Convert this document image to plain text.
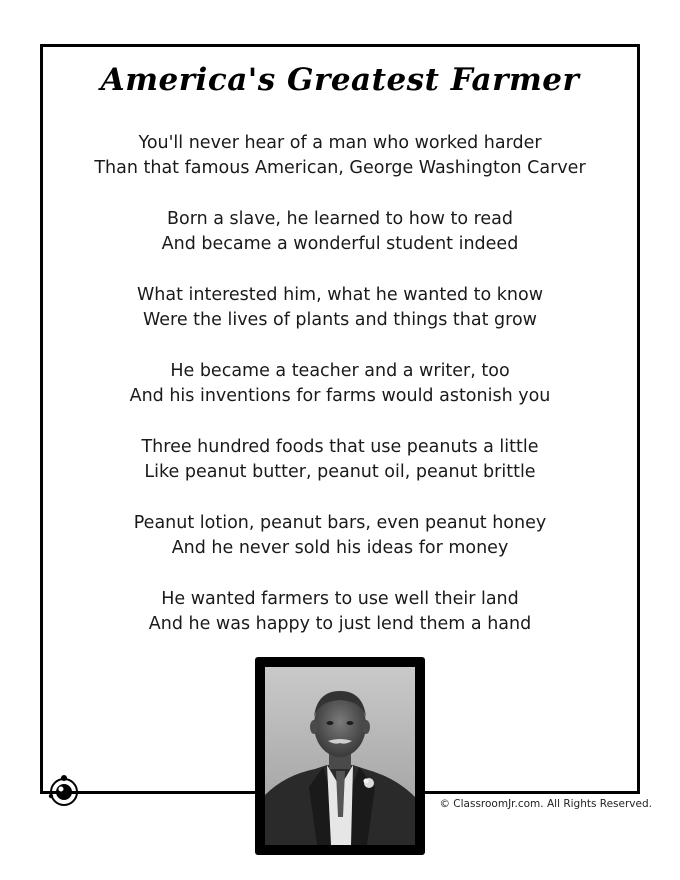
America's Greatest Farmer
You'll never hear of a man who worked harder
Than that famous American, George Washington Carver
Born a slave, he learned to how to read
And became a wonderful student indeed
What interested him, what he wanted to know
Were the lives of plants and things that grow
He became a teacher and a writer, too
And his inventions for farms would astonish you
Three hundred foods that use peanuts a little
Like peanut butter, peanut oil, peanut brittle
Peanut lotion, peanut bars, even peanut honey
And he never sold his ideas for money
He wanted farmers to use well their land
And he was happy to just lend them a hand
© ClassroomJr.com. All Rights Reserved.
